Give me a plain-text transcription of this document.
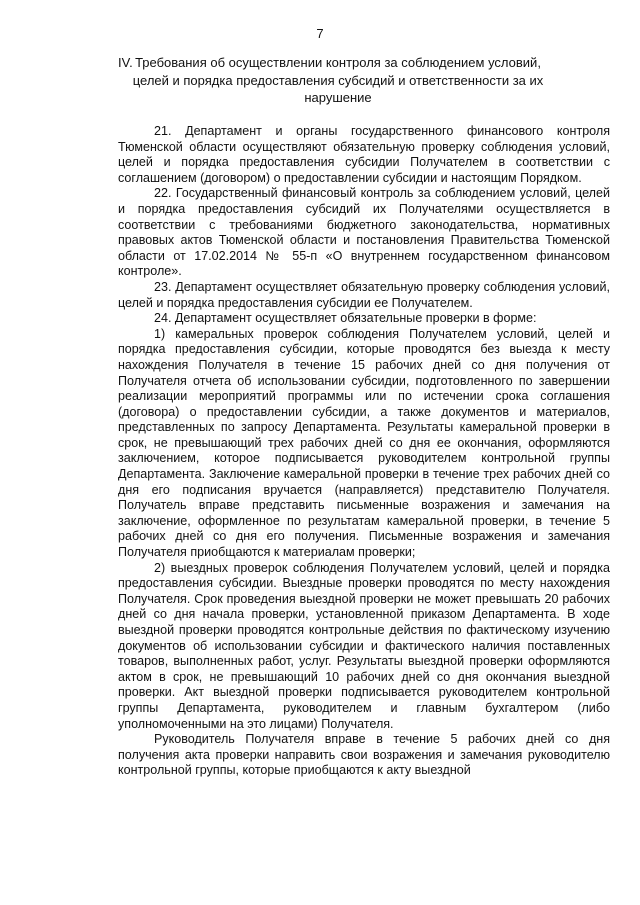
7
IV. Требования об осуществлении контроля за соблюдением условий, целей и порядка предоставления субсидий и ответственности за их нарушение

21. Департамент и органы государственного финансового контроля Тюменской области осуществляют обязательную проверку соблюдения условий, целей и порядка предоставления субсидии Получателем в соответствии с соглашением (договором) о предоставлении субсидии и настоящим Порядком.

22. Государственный финансовый контроль за соблюдением условий, целей и порядка предоставления субсидий их Получателями осуществляется в соответствии с требованиями бюджетного законодательства, нормативных правовых актов Тюменской области и постановления Правительства Тюменской области от 17.02.2014 № 55-п «О внутреннем государственном финансовом контроле».

23. Департамент осуществляет обязательную проверку соблюдения условий, целей и порядка предоставления субсидии ее Получателем.

24. Департамент осуществляет обязательные проверки в форме:

1) камеральных проверок соблюдения Получателем условий, целей и порядка предоставления субсидии, которые проводятся без выезда к месту нахождения Получателя в течение 15 рабочих дней со дня получения от Получателя отчета об использовании субсидии, подготовленного по завершении реализации мероприятий программы или по истечении срока соглашения (договора) о предоставлении субсидии, а также документов и материалов, представленных по запросу Департамента. Результаты камеральной проверки в срок, не превышающий трех рабочих дней со дня ее окончания, оформляются заключением, которое подписывается руководителем контрольной группы Департамента. Заключение камеральной проверки в течение трех рабочих дней со дня его подписания вручается (направляется) представителю Получателя. Получатель вправе представить письменные возражения и замечания на заключение, оформленное по результатам камеральной проверки, в течение 5 рабочих дней со дня его получения. Письменные возражения и замечания Получателя приобщаются к материалам проверки;

2) выездных проверок соблюдения Получателем условий, целей и порядка предоставления субсидии. Выездные проверки проводятся по месту нахождения Получателя. Срок проведения выездной проверки не может превышать 20 рабочих дней со дня начала проверки, установленной приказом Департамента. В ходе выездной проверки проводятся контрольные действия по фактическому изучению документов об использовании субсидии и фактического наличия поставленных товаров, выполненных работ, услуг. Результаты выездной проверки оформляются актом в срок, не превышающий 10 рабочих дней со дня окончания выездной проверки. Акт выездной проверки подписывается руководителем контрольной группы Департамента, руководителем и главным бухгалтером (либо уполномоченными на это лицами) Получателя.

Руководитель Получателя вправе в течение 5 рабочих дней со дня получения акта проверки направить свои возражения и замечания руководителю контрольной группы, которые приобщаются к акту выездной
